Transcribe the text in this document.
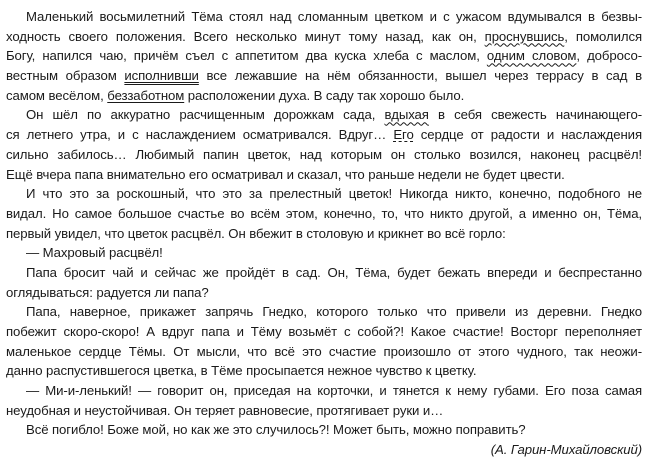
Маленький восьмилетний Тёма стоял над сломанным цветком и с ужасом вдумывался в безвы-
ходность своего положения. Всего несколько минут тому назад, как он, проснувшись, помолился
Богу, напился чаю, причём съел с аппетитом два куска хлеба с маслом, одним словом, добросо-
вестным образом исполнивши все лежавшие на нём обязанности, вышел через террасу в сад в
самом весёлом, беззаботном расположении духа. В саду так хорошо было.
Он шёл по аккуратно расчищенным дорожкам сада, вдыхая в себя свежесть начинающего-
ся летнего утра, и с наслаждением осматривался. Вдруг… Его сердце от радости и наслаждения
сильно забилось… Любимый папин цветок, над которым он столько возился, наконец расцвёл!
Ещё вчера папа внимательно его осматривал и сказал, что раньше недели не будет цвести.
И что это за роскошный, что это за прелестный цветок! Никогда никто, конечно, подобного не
видал. Но самое большое счастье во всём этом, конечно, то, что никто другой, а именно он, Тёма,
первый увидел, что цветок расцвёл. Он вбежит в столовую и крикнет во всё горло:
— Махровый расцвёл!
Папа бросит чай и сейчас же пройдёт в сад. Он, Тёма, будет бежать впереди и беспрестанно
оглядываться: радуется ли папа?
Папа, наверное, прикажет запрячь Гнедко, которого только что привели из деревни. Гнедко
побежит скоро-скоро! А вдруг папа и Тёму возьмёт с собой?! Какое счастие! Восторг переполняет
маленькое сердце Тёмы. От мысли, что всё это счастие произошло от этого чудного, так неожи-
данно распустившегося цветка, в Тёме просыпается нежное чувство к цветку.
— Ми-и-ленький! — говорит он, приседая на корточки, и тянется к нему губами. Его поза самая
неудобная и неустойчивая. Он теряет равновесие, протягивает руки и…
Всё погибло! Боже мой, но как же это случилось?! Может быть, можно поправить?
(А. Гарин-Михайловский)
